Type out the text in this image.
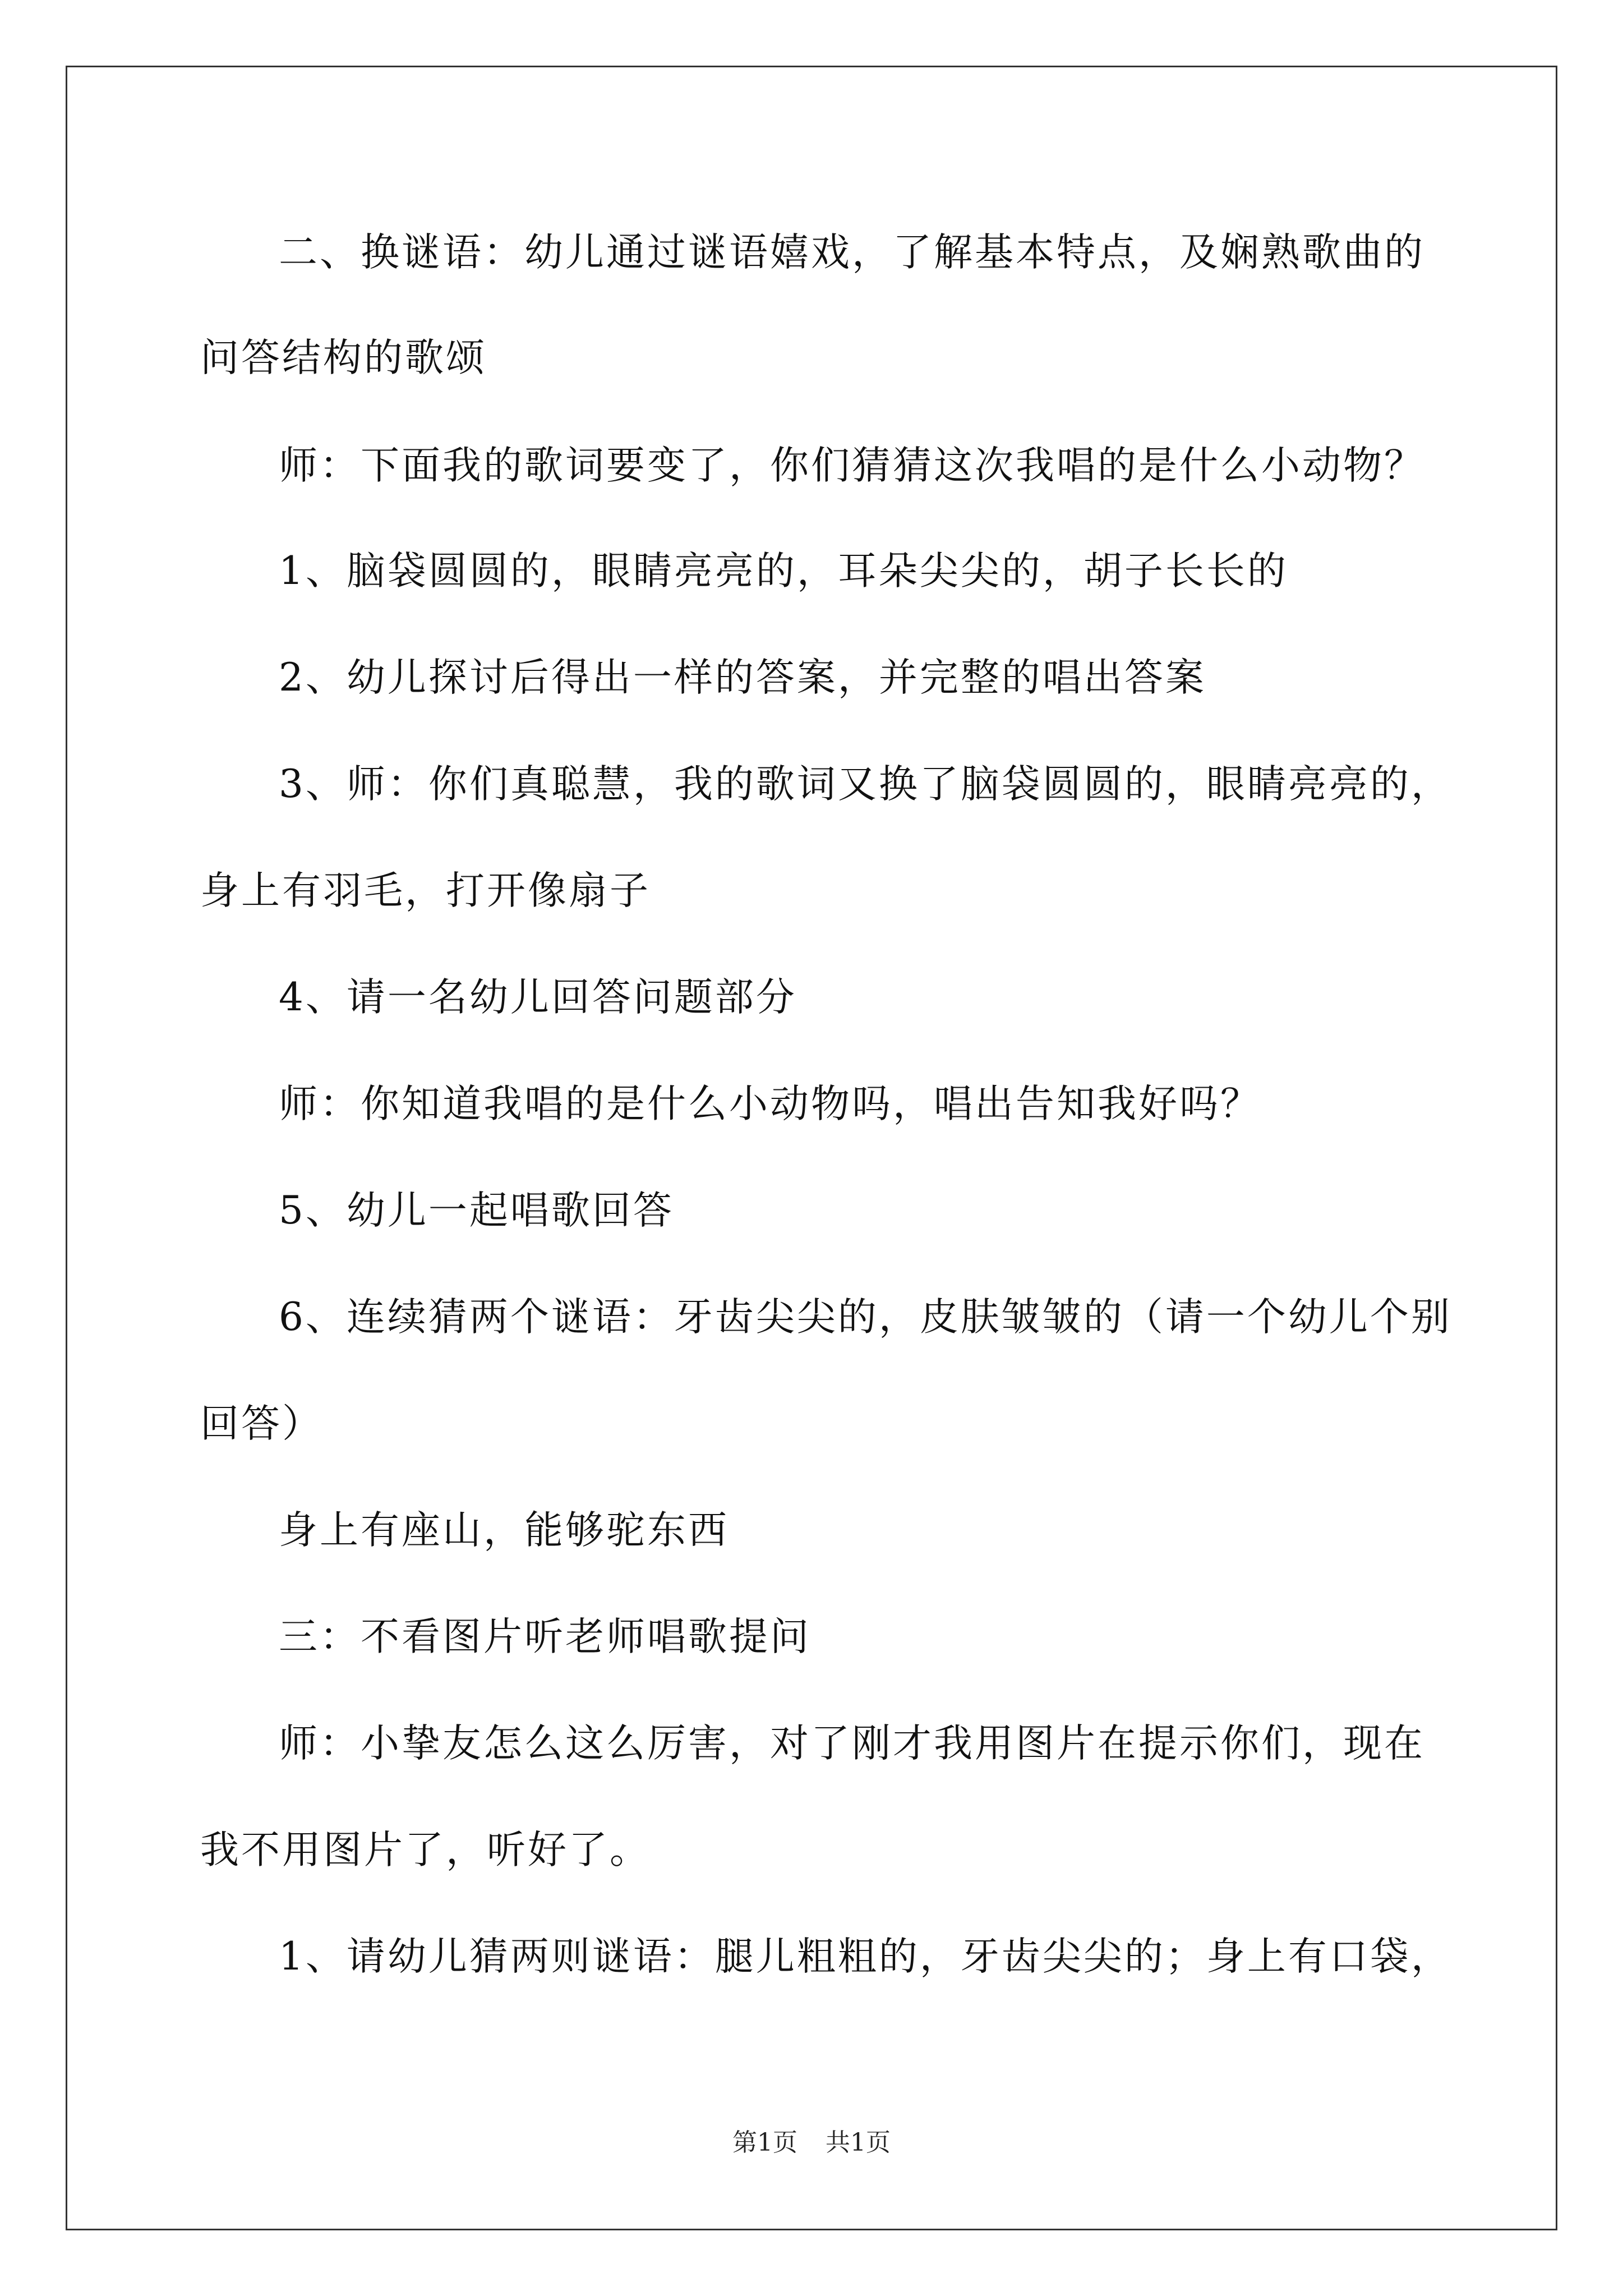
二、换谜语：幼儿通过谜语嬉戏，了解基本特点，及娴熟歌曲的
问答结构的歌颂
师：下面我的歌词要变了，你们猜猜这次我唱的是什么小动物？
1、脑袋圆圆的，眼睛亮亮的，耳朵尖尖的，胡子长长的
2、幼儿探讨后得出一样的答案，并完整的唱出答案
3、师：你们真聪慧，我的歌词又换了脑袋圆圆的，眼睛亮亮的，
身上有羽毛，打开像扇子
4、请一名幼儿回答问题部分
师：你知道我唱的是什么小动物吗，唱出告知我好吗？
5、幼儿一起唱歌回答
6、连续猜两个谜语：牙齿尖尖的，皮肤皱皱的（请一个幼儿个别
回答）
身上有座山，能够驼东西
三：不看图片听老师唱歌提问
师：小挚友怎么这么厉害，对了刚才我用图片在提示你们，现在
我不用图片了，听好了。
1、请幼儿猜两则谜语：腿儿粗粗的，牙齿尖尖的；身上有口袋，
第1页 共1页
